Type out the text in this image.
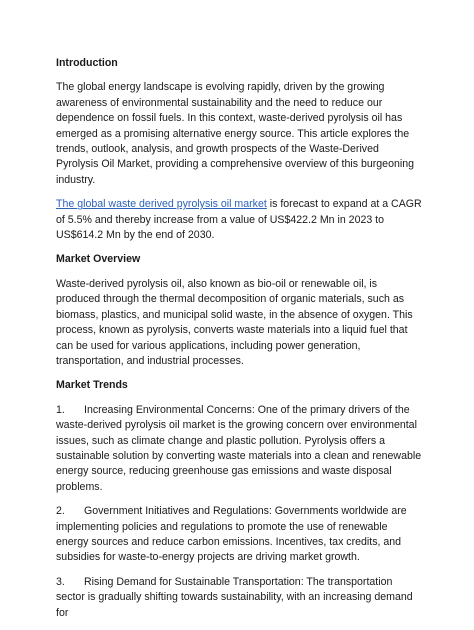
Introduction
The global energy landscape is evolving rapidly, driven by the growing awareness of environmental sustainability and the need to reduce our dependence on fossil fuels. In this context, waste-derived pyrolysis oil has emerged as a promising alternative energy source. This article explores the trends, outlook, analysis, and growth prospects of the Waste-Derived Pyrolysis Oil Market, providing a comprehensive overview of this burgeoning industry.
The global waste derived pyrolysis oil market is forecast to expand at a CAGR of 5.5% and thereby increase from a value of US$422.2 Mn in 2023 to US$614.2 Mn by the end of 2030.
Market Overview
Waste-derived pyrolysis oil, also known as bio-oil or renewable oil, is produced through the thermal decomposition of organic materials, such as biomass, plastics, and municipal solid waste, in the absence of oxygen. This process, known as pyrolysis, converts waste materials into a liquid fuel that can be used for various applications, including power generation, transportation, and industrial processes.
Market Trends
1. Increasing Environmental Concerns: One of the primary drivers of the waste-derived pyrolysis oil market is the growing concern over environmental issues, such as climate change and plastic pollution. Pyrolysis offers a sustainable solution by converting waste materials into a clean and renewable energy source, reducing greenhouse gas emissions and waste disposal problems.
2. Government Initiatives and Regulations: Governments worldwide are implementing policies and regulations to promote the use of renewable energy sources and reduce carbon emissions. Incentives, tax credits, and subsidies for waste-to-energy projects are driving market growth.
3. Rising Demand for Sustainable Transportation: The transportation sector is gradually shifting towards sustainability, with an increasing demand for
